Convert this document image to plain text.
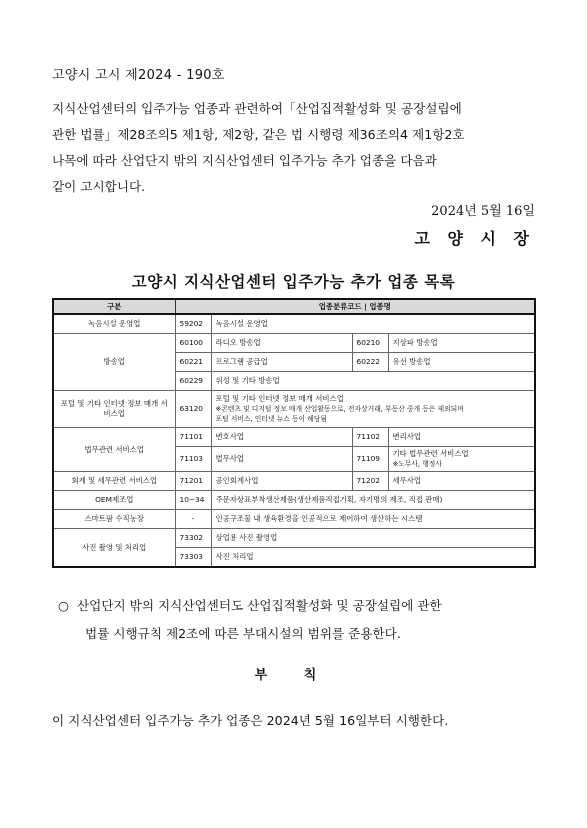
고양시 고시 제2024 - 190호
지식산업센터의 입주가능 업종과 관련하여「산업집적활성화 및 공장설립에
관한 법률」제28조의5 제1항, 제2항, 같은 법 시행령 제36조의4 제1항2호
나목에 따라 산업단지 밖의 지식산업센터 입주가능 추가 업종을 다음과
같이 고시합니다.
2024년 5월 16일
고 양 시 장
고양시 지식산업센터 입주가능 추가 업종 목록
구분	업종분류코드 | 업종명			
녹음시설 운영업	59202	녹음시설 운영업		
방송업	60100	라디오 방송업	60210	지상파 방송업
	60221	프로그램 공급업	60222	유선 방송업
	60229	위성 및 기타 방송업		
포털 및 기타 인터넷 정보 매개 서비스업	63120	포털 및 기타 인터넷 정보 매개 서비스업
※콘텐츠 및 디지털 정보 매개 산업활동으로, 전자상거래, 부동산 중개 등은 제외되며
포털 서비스, 인터넷 뉴스 등이 해당됨		

법무관련 서비스업	71101	변호사업	71102	변리사업
	71103	법무사업	71109	기타 법무관련 서비스업
※노무사, 행정사

회계 및 세무관련 서비스업	71201	공인회계사업	71202	세무사업
OEM제조업	10~34	주문자상표부착생산제품(생산제품직접기획, 자기명의 제조, 직접 판매)		
스마트팜 수직농장	-	인공구조물 내 생육환경을 인공적으로 제어하여 생산하는 시스템		
사진 촬영 및 처리업	73302	상업용 사진 촬영업		
	73303	사진 처리업		
○ 산업단지 밖의 지식산업센터도 산업집적활성화 및 공장설립에 관한
법률 시행규칙 제2조에 따른 부대시설의 범위를 준용한다.
부 칙
이 지식산업센터 입주가능 추가 업종은 2024년 5월 16일부터 시행한다.
